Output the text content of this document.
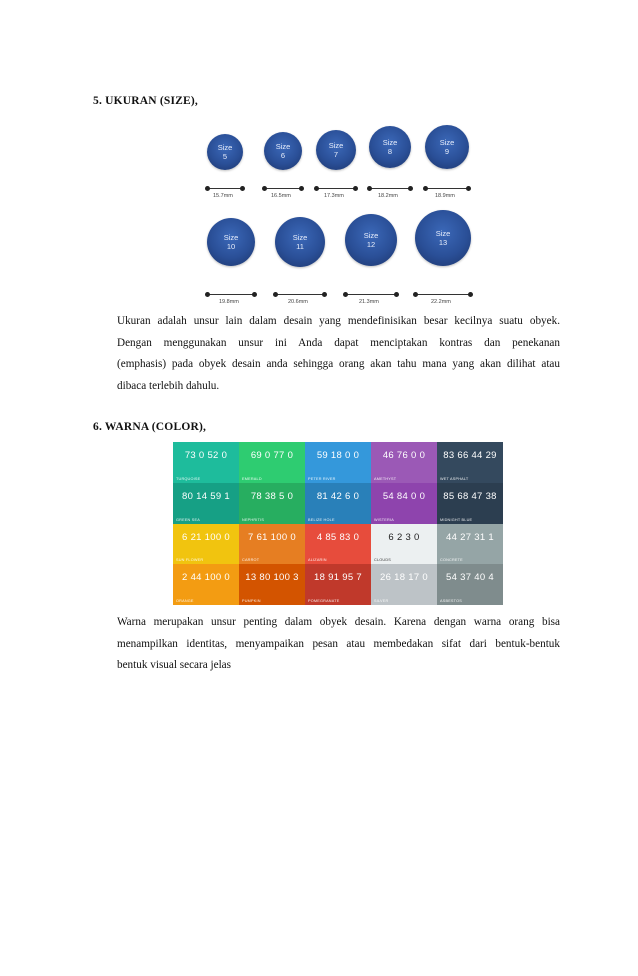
5. UKURAN (SIZE),
Size
5
15.7mm
Size
6
16.5mm
Size
7
17.3mm
Size
8
18.2mm
Size
9
18.9mm
Size
10
19.8mm
Size
11
20.6mm
Size
12
21.3mm
Size
13
22.2mm

Ukuran adalah unsur lain dalam desain yang mendefinisikan besar kecilnya suatu obyek.

Dengan menggunakan unsur ini Anda dapat menciptakan kontras dan penekanan

(emphasis) pada obyek desain anda sehingga orang akan tahu mana yang akan dilihat atau

dibaca terlebih dahulu.

6. WARNA (COLOR),
73 0 52 0
TURQUOISE
69 0 77 0
EMERALD
59 18 0 0
PETER RIVER
46 76 0 0
AMETHYST
83 66 44 29
WET ASPHALT
80 14 59 1
GREEN SEA
78 38 5 0
NEPHRITIS
81 42 6 0
BELIZE HOLE
54 84 0 0
WISTERIA
85 68 47 38
MIDNIGHT BLUE
6 21 100 0
SUN FLOWER
7 61 100 0
CARROT
4 85 83 0
ALIZARIN
6 2 3 0
CLOUDS
44 27 31 1
CONCRETE
2 44 100 0
ORANGE
13 80 100 3
PUMPKIN
18 91 95 7
POMEGRANATE
26 18 17 0
SILVER
54 37 40 4
ASBESTOS

Warna merupakan unsur penting dalam obyek desain. Karena dengan warna orang bisa

menampilkan identitas, menyampaikan pesan atau membedakan sifat dari bentuk-bentuk

bentuk visual secara jelas
